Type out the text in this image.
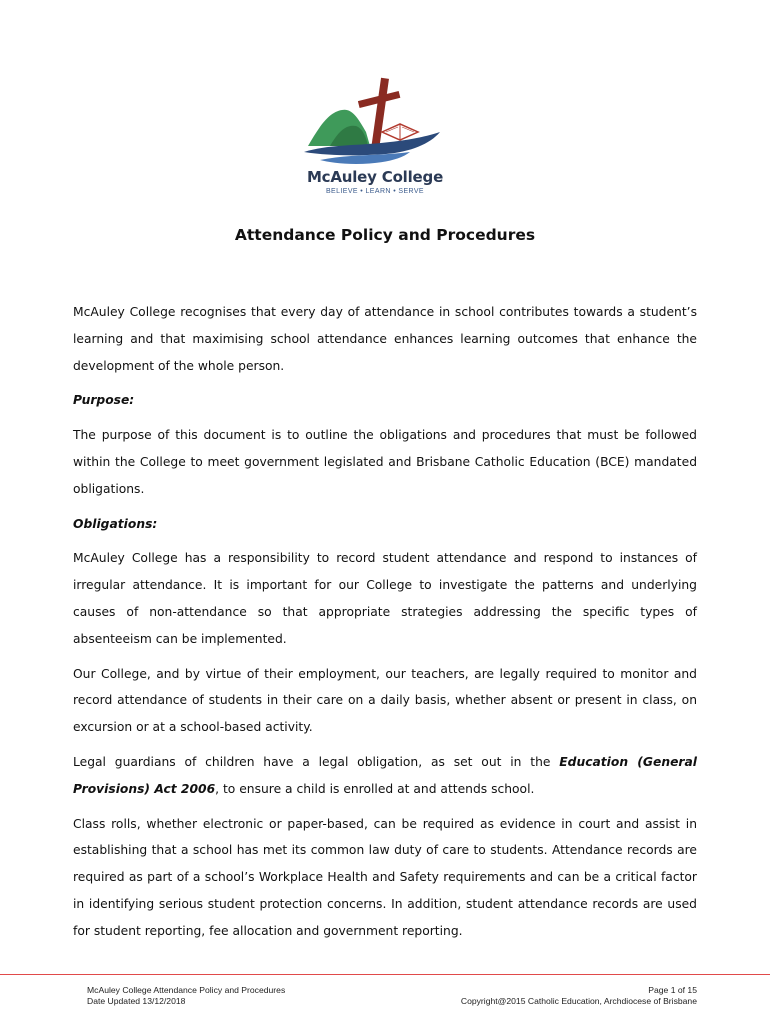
McAuley College
BELIEVE • LEARN • SERVE
Attendance Policy and Procedures

McAuley College recognises that every day of attendance in school contributes towards a student’s learning and that maximising school attendance enhances learning outcomes that enhance the development of the whole person.

Purpose:

The purpose of this document is to outline the obligations and procedures that must be followed within the College to meet government legislated and Brisbane Catholic Education (BCE) mandated obligations.

Obligations:

McAuley College has a responsibility to record student attendance and respond to instances of irregular attendance. It is important for our College to investigate the patterns and underlying causes of non-attendance so that appropriate strategies addressing the specific types of absenteeism can be implemented.

Our College, and by virtue of their employment, our teachers, are legally required to monitor and record attendance of students in their care on a daily basis, whether absent or present in class, on excursion or at a school-based activity.

Legal guardians of children have a legal obligation, as set out in the Education (General Provisions) Act 2006, to ensure a child is enrolled at and attends school.

Class rolls, whether electronic or paper-based, can be required as evidence in court and assist in establishing that a school has met its common law duty of care to students. Attendance records are required as part of a school’s Workplace Health and Safety requirements and can be a critical factor in identifying serious student protection concerns. In addition, student attendance records are used for student reporting, fee allocation and government reporting.

McAuley College Attendance Policy and Procedures
Date Updated 13/12/2018
Page 1 of 15
Copyright@2015 Catholic Education, Archdiocese of Brisbane
